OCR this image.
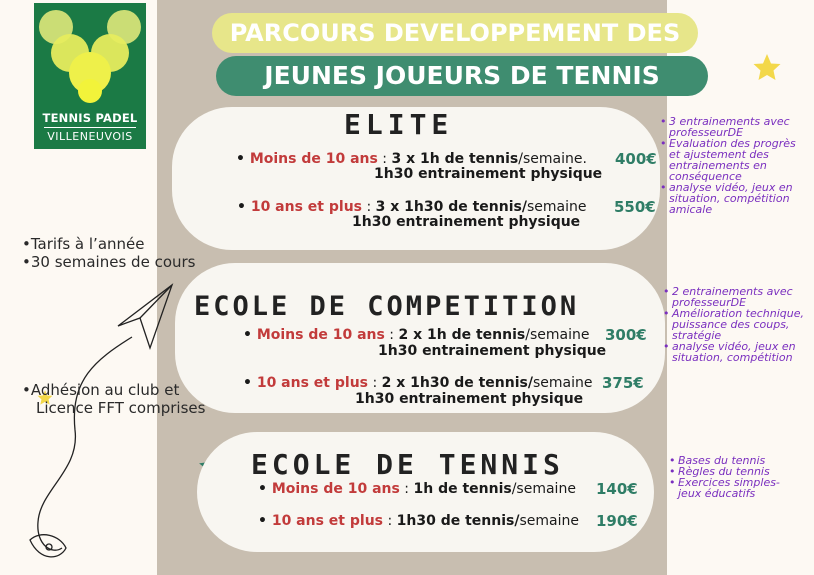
TENNIS PADEL
VILLENEUVOIS
PARCOURS DEVELOPPEMENT DES
JEUNES JOUEURS DE TENNIS
• Tarifs à l’année
• 30 semaines de cours
• Adhésion au club et
Licence FFT comprises
ELITE
• Moins de 10 ans : 3 x 1h de tennis/semaine.
1h30 entrainement physique
400€
• 10 ans et plus : 3 x 1h30 de tennis/semaine
1h30 entrainement physique
550€
ECOLE DE COMPETITION
• Moins de 10 ans : 2 x 1h de tennis/semaine
1h30 entrainement physique
300€
• 10 ans et plus : 2 x 1h30 de tennis/semaine
1h30 entrainement physique
375€
ECOLE DE TENNIS
• Moins de 10 ans : 1h de tennis/semaine 140€
• 10 ans et plus : 1h30 de tennis/semaine 190€
• 3 entrainements avec professeurDE
• Evaluation des progrès et ajustement des entrainements en conséquence
• analyse vidéo, jeux en situation, compétition amicale
• 2 entrainements avec professeurDE
• Amélioration technique, puissance des coups, stratégie
• analyse vidéo, jeux en situation, compétition
• Bases du tennis
• Règles du tennis
• Exercices simples-jeux éducatifs
